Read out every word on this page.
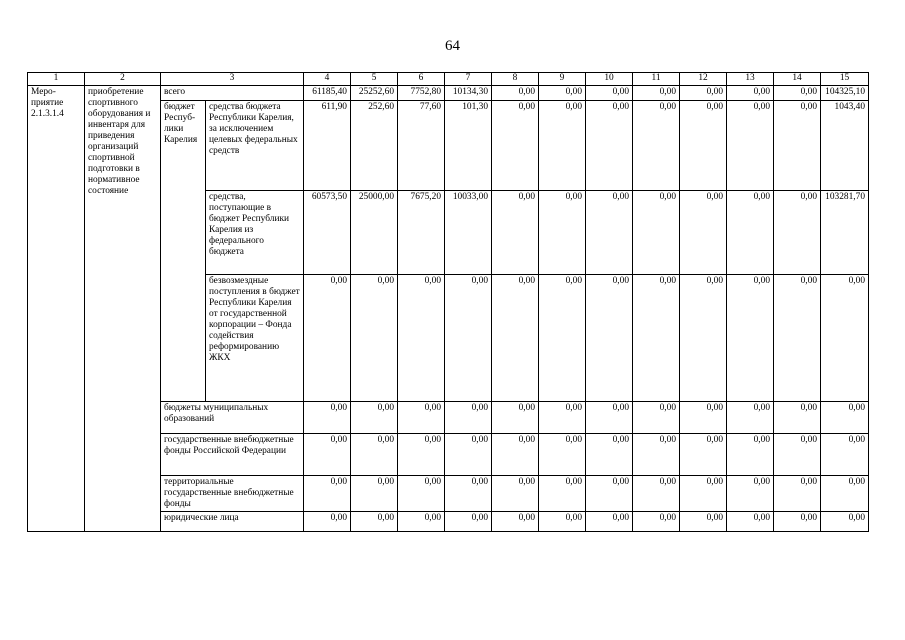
64
1	2	3		4	5	6	7	8	9	10	11	12	13	14	15
Меро-приятие 2.1.3.1.4	приобретение спортивного оборудования и инвентаря для приведения организаций спортивной подготовки в нормативное состояние	всего		61185,40	25252,60	7752,80	10134,30	0,00	0,00	0,00	0,00	0,00	0,00	0,00	104325,10
		бюджет Респуб-лики Карелия	средства бюджета Республики Карелия, за исключением целевых федеральных средств	611,90	252,60	77,60	101,30	0,00	0,00	0,00	0,00	0,00	0,00	0,00	1043,40
			средства, поступающие в бюджет Республики Карелия из федерального бюджета	60573,50	25000,00	7675,20	10033,00	0,00	0,00	0,00	0,00	0,00	0,00	0,00	103281,70
			безвозмездные поступления в бюджет Республики Карелия от государственной корпорации – Фонда содействия реформированию ЖКХ	0,00	0,00	0,00	0,00	0,00	0,00	0,00	0,00	0,00	0,00	0,00	0,00
		бюджеты муниципальных образований		0,00	0,00	0,00	0,00	0,00	0,00	0,00	0,00	0,00	0,00	0,00	0,00
		государственные внебюджетные фонды Российской Федерации		0,00	0,00	0,00	0,00	0,00	0,00	0,00	0,00	0,00	0,00	0,00	0,00
		территориальные государственные внебюджетные фонды		0,00	0,00	0,00	0,00	0,00	0,00	0,00	0,00	0,00	0,00	0,00	0,00
		юридические лица		0,00	0,00	0,00	0,00	0,00	0,00	0,00	0,00	0,00	0,00	0,00	0,00
